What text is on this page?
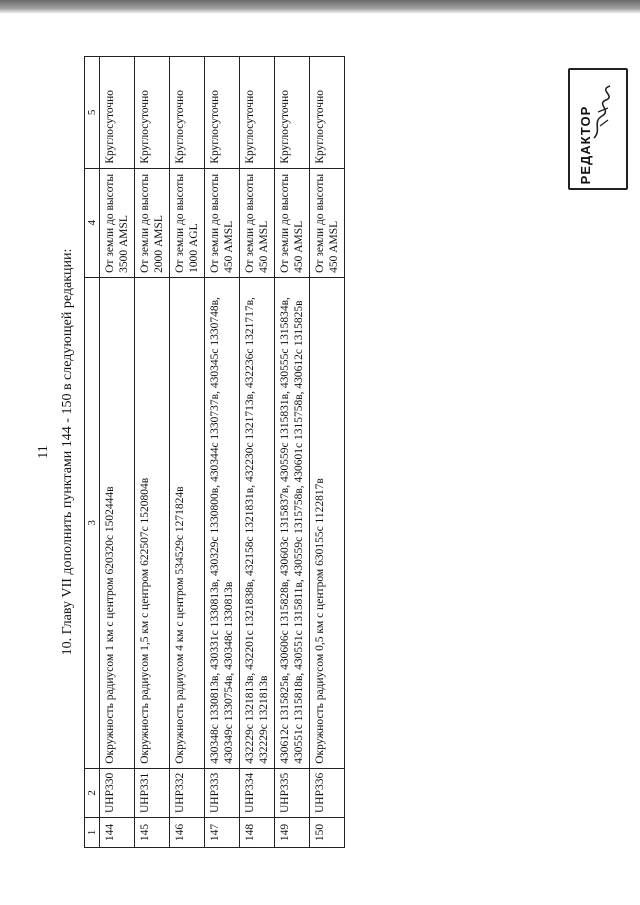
11 10. Главу VII дополнить пунктами 144 - 150 в следующей редакции:
1	2	3	4	5
144	UHP330	Окружность радиусом 1 км с центром 620320с 1502444в	От земли до высоты 3500 AMSL	Круглосуточно
145	UHP331	Окружность радиусом 1,5 км с центром 622507с 1520804в	От земли до высоты 2000 AMSL	Круглосуточно
146	UHP332	Окружность радиусом 4 км с центром 534529с 1271824в	От земли до высоты 1000 AGL	Круглосуточно
147	UHP333	430348с 1330813в, 430331с 1330813в, 430329с 1330800в, 430344с 1330737в, 430345с 1330748в, 430349с 1330754в, 430348с 1330813в	От земли до высоты 450 AMSL	Круглосуточно
148	UHP334	432229с 1321813в, 432201с 1321838в, 432158с 1321831в, 432230с 1321713в, 432236с 1321717в, 432229с 1321813в	От земли до высоты 450 AMSL	Круглосуточно
149	UHP335	430612с 1315825в, 430606с 1315828в, 430603с 1315837в, 430559с 1315831в, 430555с 1315834в, 430551с 1315818в, 430551с 1315811в, 430559с 1315758в, 430601с 1315758в, 430612с 1315825в	От земли до высоты 450 AMSL	Круглосуточно
150	UHP336	Окружность радиусом 0,5 км с центром 630155с 1122817в	От земли до высоты 450 AMSL	Круглосуточно	РЕДАКТОР
